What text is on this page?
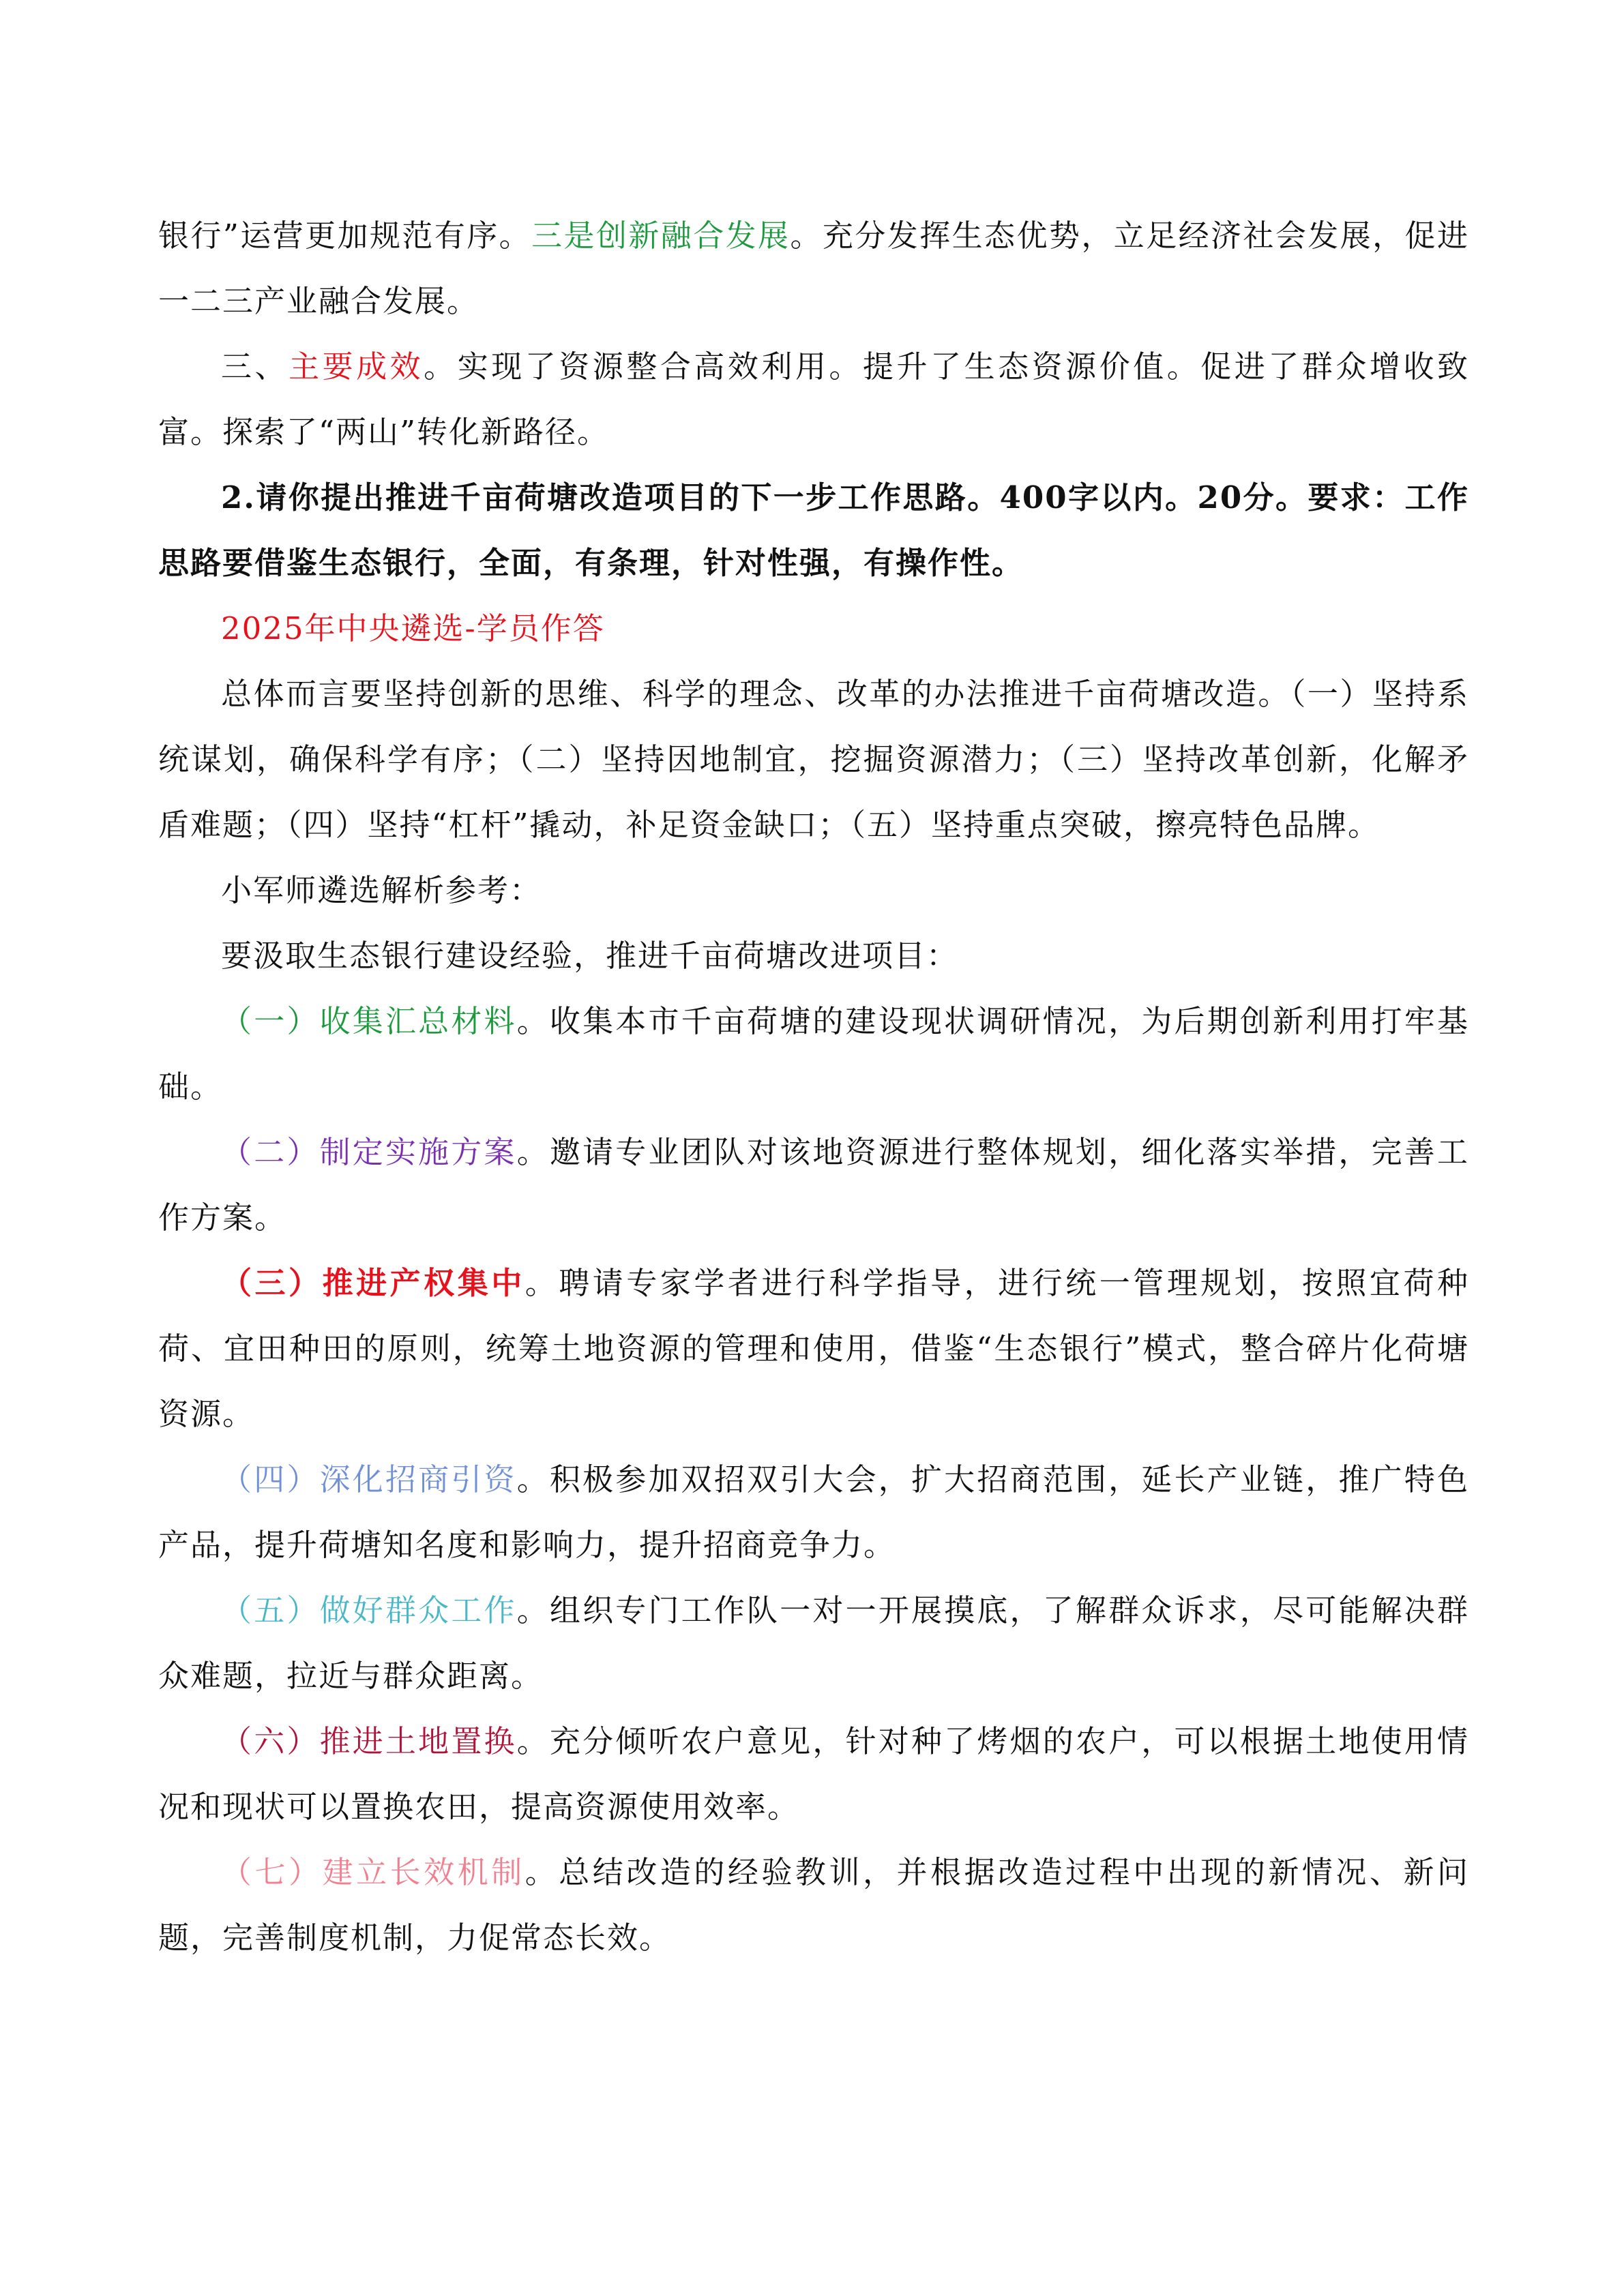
银行”运营更加规范有序。三是创新融合发展。充分发挥生态优势，立足经济社会发展，促进一二三产业融合发展。

三、主要成效。实现了资源整合高效利用。提升了生态资源价值。促进了群众增收致富。探索了“两山”转化新路径。

2.请你提出推进千亩荷塘改造项目的下一步工作思路。400字以内。20分。要求：工作思路要借鉴生态银行，全面，有条理，针对性强，有操作性。

2025年中央遴选-学员作答

总体而言要坚持创新的思维、科学的理念、改革的办法推进千亩荷塘改造。（一）坚持系统谋划，确保科学有序；（二）坚持因地制宜，挖掘资源潜力；（三）坚持改革创新，化解矛盾难题；（四）坚持“杠杆”撬动，补足资金缺口；（五）坚持重点突破，擦亮特色品牌。

小军师遴选解析参考：

要汲取生态银行建设经验，推进千亩荷塘改进项目：

（一）收集汇总材料。收集本市千亩荷塘的建设现状调研情况，为后期创新利用打牢基础。

（二）制定实施方案。邀请专业团队对该地资源进行整体规划，细化落实举措，完善工作方案。

（三）推进产权集中。聘请专家学者进行科学指导，进行统一管理规划，按照宜荷种荷、宜田种田的原则，统筹土地资源的管理和使用，借鉴“生态银行”模式，整合碎片化荷塘资源。

（四）深化招商引资。积极参加双招双引大会，扩大招商范围，延长产业链，推广特色产品，提升荷塘知名度和影响力，提升招商竞争力。

（五）做好群众工作。组织专门工作队一对一开展摸底，了解群众诉求，尽可能解决群众难题，拉近与群众距离。

（六）推进土地置换。充分倾听农户意见，针对种了烤烟的农户，可以根据土地使用情况和现状可以置换农田，提高资源使用效率。

（七）建立长效机制。总结改造的经验教训，并根据改造过程中出现的新情况、新问题，完善制度机制，力促常态长效。
